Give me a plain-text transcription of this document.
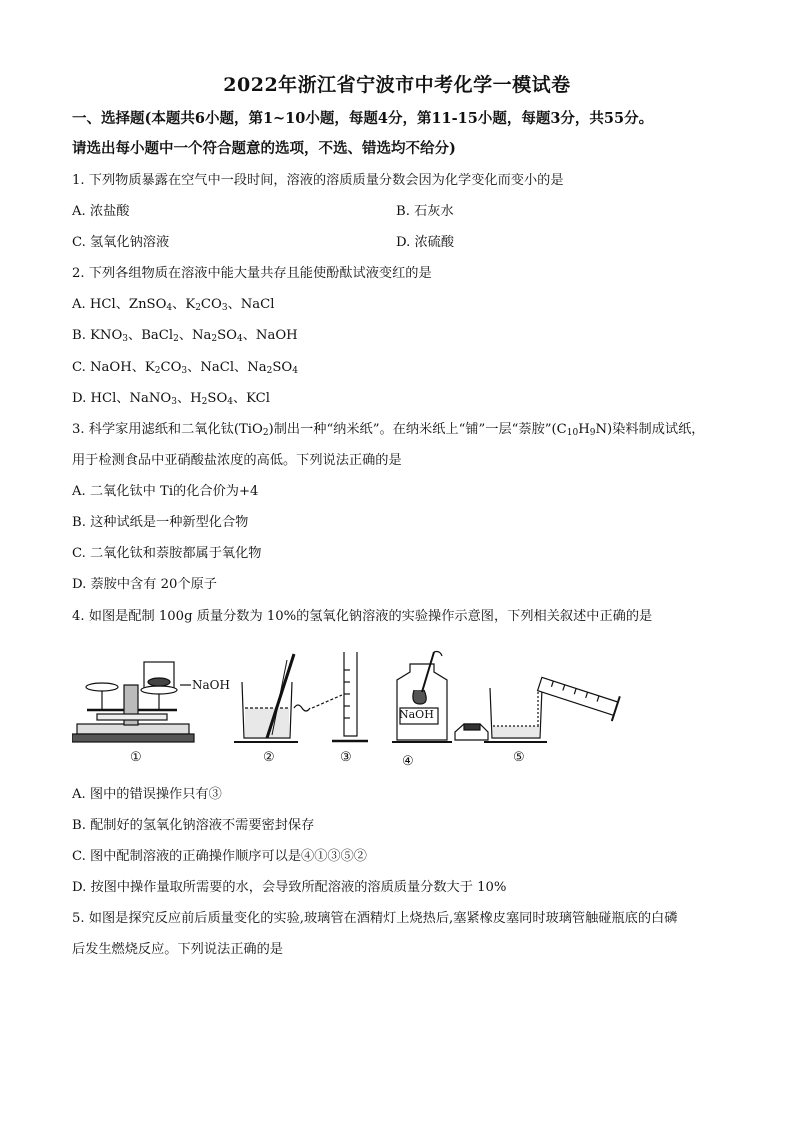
2022年浙江省宁波市中考化学一模试卷
一、选择题(本题共6小题，第1~10小题，每题4分，第11-15小题，每题3分，共55分。
请选出每小题中一个符合题意的选项，不选、错选均不给分)
1. 下列物质暴露在空气中一段时间，溶液的溶质质量分数会因为化学变化而变小的是
A. 浓盐酸	B. 石灰水
C. 氢氧化钠溶液	D. 浓硫酸
2. 下列各组物质在溶液中能大量共存且能使酚酞试液变红的是
A. HCl、ZnSO$_4$、$K_2CO_3$、NaCl
B. $KNO_3$、BaCl$_2$、$Na_2SO_4$、NaOH
C. NaOH、$K_2CO_3$、NaCl、$Na_2SO_4$
D. HCl、NaNO$_3$、$H_2SO_4$、KCl
3. 科学家用滤纸和二氧化钛(TiO$_2$)制出一种“纳米纸”。在纳米纸上“铺”一层“萘胺$”(C_{10}H_9N)$染料制成试纸，
用于检测食品中亚硝酸盐浓度的高低。下列说法正确的是
A. 二氧化钛中 Ti的化合价为+4
B. 这种试纸是一种新型化合物
C. 二氧化钛和萘胺都属于氧化物
D. 萘胺中含有 20个原子
4. 如图是配制 100g 质量分数为 10%的氢氧化钠溶液的实验操作示意图，下列相关叙述中正确的是
NaOH
NaOH
①	②	③	④	⑤
A. 图中的错误操作只有③
B. 配制好的氢氧化钠溶液不需要密封保存
C. 图中配制溶液的正确操作顺序可以是④①③⑤②
D. 按图中操作量取所需要的水，会导致所配溶液的溶质质量分数大于 10%
5. 如图是探究反应前后质量变化的实验,玻璃管在酒精灯上烧热后,塞紧橡皮塞同时玻璃管触碰瓶底的白磷
后发生燃烧反应。下列说法正确的是
